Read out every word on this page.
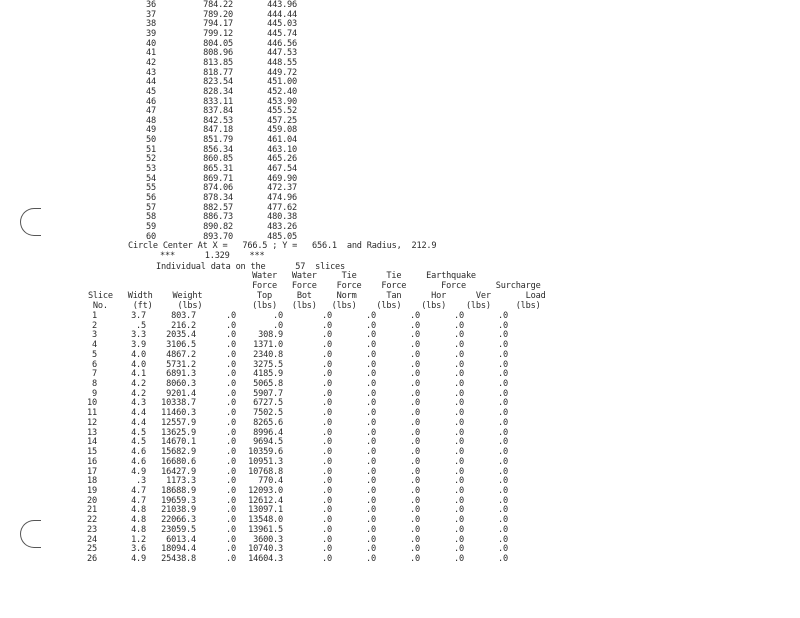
36	784.22	443.96
37	789.20	444.44
38	794.17	445.03
39	799.12	445.74
40	804.05	446.56
41	808.96	447.53
42	813.85	448.55
43	818.77	449.72
44	823.54	451.00
45	828.34	452.40
46	833.11	453.90
47	837.84	455.52
48	842.53	457.25
49	847.18	459.08
50	851.79	461.04
51	856.34	463.10
52	860.85	465.26
53	865.31	467.54
54	869.71	469.90
55	874.06	472.37
56	878.34	474.96
57	882.57	477.62
58	886.73	480.38
59	890.82	483.26
60	893.70	485.05
Circle Center At X =   766.5 ; Y =   656.1  and Radius,  212.9
***      1.329    ***
Individual data on the      57  slices
Water   Water     Tie      Tie     Earthquake
Force   Force    Force    Force       Force      Surcharge
Slice   Width    Weight           Top     Bot     Norm      Tan      Hor      Ver       Load
No.     (ft)     (lbs)          (lbs)   (lbs)   (lbs)    (lbs)    (lbs)    (lbs)     (lbs)
1	3.7	803.7	.0	.0	.0	.0	.0	.0	.0
2	.5	216.2	.0	.0	.0	.0	.0	.0	.0
3	3.3	2035.4	.0	308.9	.0	.0	.0	.0	.0
4	3.9	3106.5	.0	1371.0	.0	.0	.0	.0	.0
5	4.0	4867.2	.0	2340.8	.0	.0	.0	.0	.0
6	4.0	5731.2	.0	3275.5	.0	.0	.0	.0	.0
7	4.1	6891.3	.0	4185.9	.0	.0	.0	.0	.0
8	4.2	8060.3	.0	5065.8	.0	.0	.0	.0	.0
9	4.2	9201.4	.0	5907.7	.0	.0	.0	.0	.0
10	4.3	10338.7	.0	6727.5	.0	.0	.0	.0	.0
11	4.4	11460.3	.0	7502.5	.0	.0	.0	.0	.0
12	4.4	12557.9	.0	8265.6	.0	.0	.0	.0	.0
13	4.5	13625.9	.0	8996.4	.0	.0	.0	.0	.0
14	4.5	14670.1	.0	9694.5	.0	.0	.0	.0	.0
15	4.6	15682.9	.0	10359.6	.0	.0	.0	.0	.0
16	4.6	16680.6	.0	10951.3	.0	.0	.0	.0	.0
17	4.9	16427.9	.0	10768.8	.0	.0	.0	.0	.0
18	.3	1173.3	.0	770.4	.0	.0	.0	.0	.0
19	4.7	18688.9	.0	12093.0	.0	.0	.0	.0	.0
20	4.7	19659.3	.0	12612.4	.0	.0	.0	.0	.0
21	4.8	21038.9	.0	13097.1	.0	.0	.0	.0	.0
22	4.8	22066.3	.0	13548.0	.0	.0	.0	.0	.0
23	4.8	23059.5	.0	13961.5	.0	.0	.0	.0	.0
24	1.2	6013.4	.0	3600.3	.0	.0	.0	.0	.0
25	3.6	18094.4	.0	10740.3	.0	.0	.0	.0	.0
26	4.9	25438.8	.0	14604.3	.0	.0	.0	.0	.0
